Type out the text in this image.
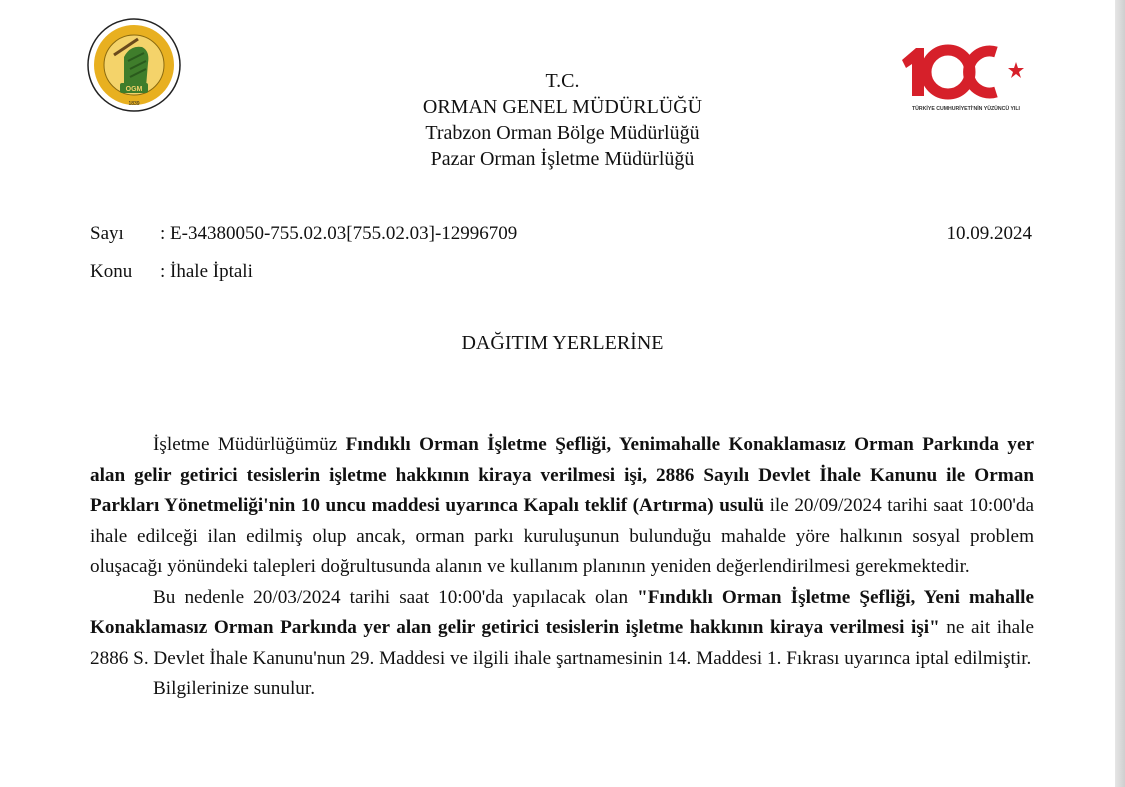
OGM
1839
TÜRKİYE CUMHURİYETİ'NİN YÜZÜNCÜ YILI
T.C.
ORMAN GENEL MÜDÜRLÜĞÜ
Trabzon Orman Bölge Müdürlüğü
Pazar Orman İşletme Müdürlüğü
Sayı : E-34380050-755.02.03[755.02.03]-12996709	10.09.2024
Konu : İhale İptali
DAĞITIM YERLERİNE

İşletme Müdürlüğümüz Fındıklı Orman İşletme Şefliği, Yenimahalle Konaklamasız Orman Parkında yer alan gelir getirici tesislerin işletme hakkının kiraya verilmesi işi, 2886 Sayılı Devlet İhale Kanunu ile Orman Parkları Yönetmeliği'nin 10 uncu maddesi uyarınca Kapalı teklif (Artırma) usulü ile 20/09/2024 tarihi saat 10:00'da ihale edilceği ilan edilmiş olup ancak, orman parkı kuruluşunun bulunduğu mahalde yöre halkının sosyal problem oluşacağı yönündeki talepleri doğrultusunda alanın ve kullanım planının yeniden değerlendirilmesi gerekmektedir.

Bu nedenle 20/03/2024 tarihi saat 10:00'da yapılacak olan "Fındıklı Orman İşletme Şefliği, Yeni mahalle Konaklamasız Orman Parkında yer alan gelir getirici tesislerin işletme hakkının kiraya verilmesi işi" ne ait ihale 2886 S. Devlet İhale Kanunu'nun 29. Maddesi ve ilgili ihale şartnamesinin 14. Maddesi 1. Fıkrası uyarınca iptal edilmiştir.

Bilgilerinize sunulur.
